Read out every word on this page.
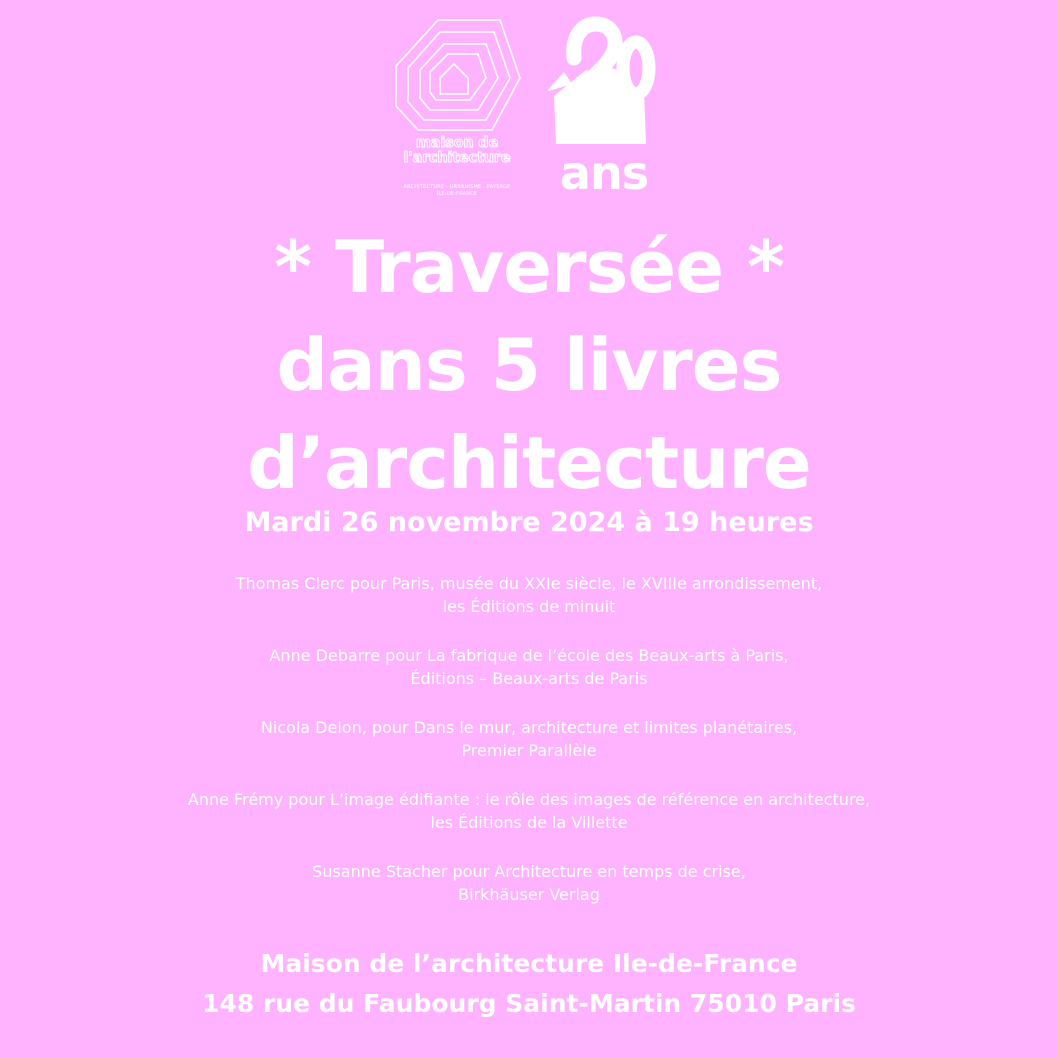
maison de
l'architecture
ARCHITECTURE · URBANISME · PAYSAGE
ÎLE-DE-FRANCE	ans
* Traversée *
dans 5 livres
d’architecture
Mardi 26 novembre 2024 à 19 heures
Thomas Clerc pour Paris, musée du XXIe siècle, le XVIIIe arrondissement,
les Éditions de minuit
Anne Debarre pour La fabrique de l’école des Beaux-arts à Paris,
Éditions – Beaux-arts de Paris
Nicola Delon, pour Dans le mur, architecture et limites planétaires,
Premier Parallèle
Anne Frémy pour L’image édifiante : le rôle des images de référence en architecture,
les Éditions de la Villette
Susanne Stacher pour Architecture en temps de crise,
Birkhäuser Verlag
Maison de l’architecture Ile-de-France
148 rue du Faubourg Saint-Martin 75010 Paris
